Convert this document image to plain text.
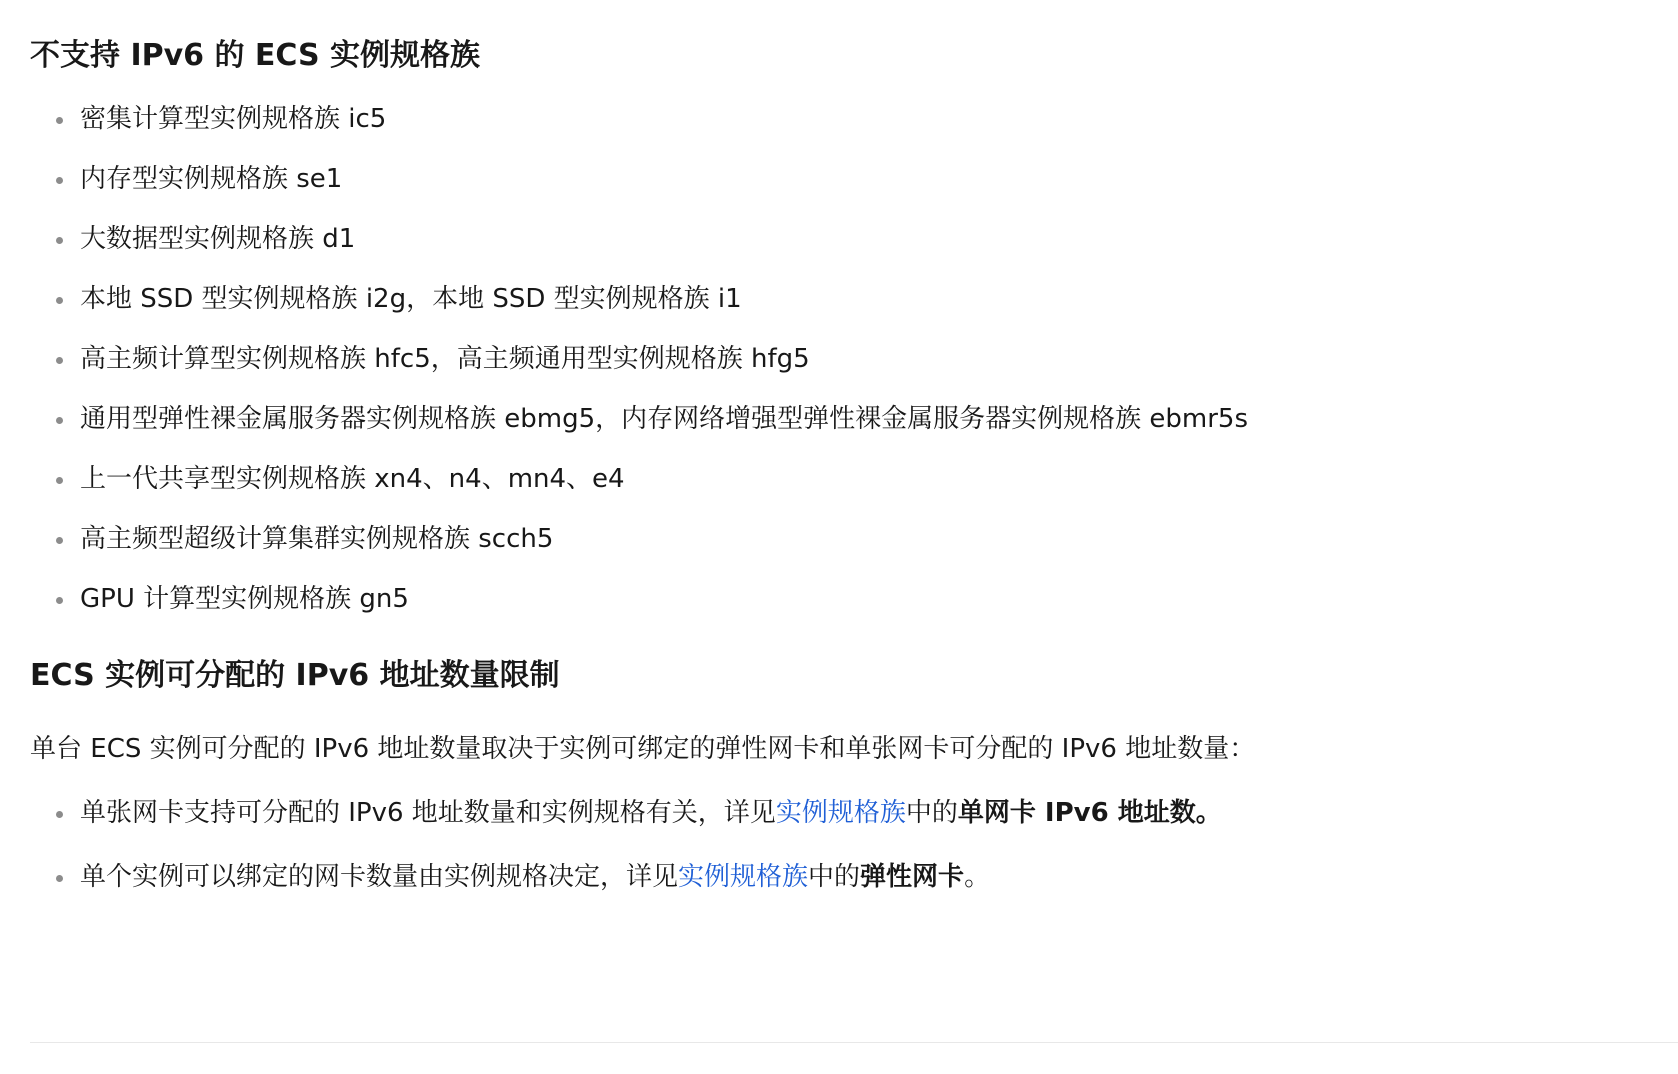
不支持 IPv6 的 ECS 实例规格族
密集计算型实例规格族 ic5
内存型实例规格族 se1
大数据型实例规格族 d1
本地 SSD 型实例规格族 i2g，本地 SSD 型实例规格族 i1
高主频计算型实例规格族 hfc5，高主频通用型实例规格族 hfg5
通用型弹性裸金属服务器实例规格族 ebmg5，内存网络增强型弹性裸金属服务器实例规格族 ebmr5s
上一代共享型实例规格族 xn4、n4、mn4、e4
高主频型超级计算集群实例规格族 scch5
GPU 计算型实例规格族 gn5
ECS 实例可分配的 IPv6 地址数量限制

单台 ECS 实例可分配的 IPv6 地址数量取决于实例可绑定的弹性网卡和单张网卡可分配的 IPv6 地址数量：

单张网卡支持可分配的 IPv6 地址数量和实例规格有关，详见实例规格族中的单网卡 IPv6 地址数。
单个实例可以绑定的网卡数量由实例规格决定，详见实例规格族中的弹性网卡。
